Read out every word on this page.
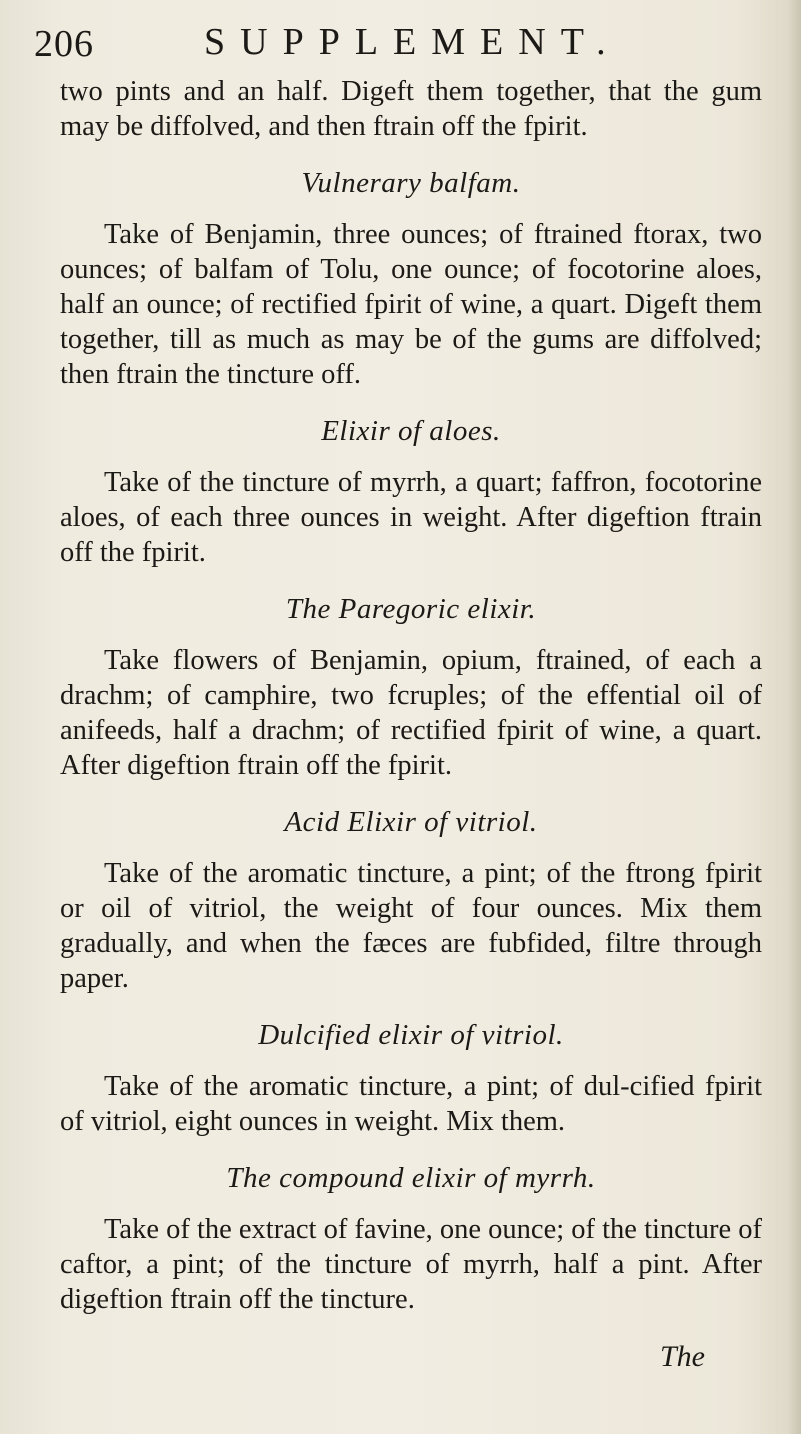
206	SUPPLEMENT.

two pints and an half. Digeft them together, that the gum may be diffolved, and then ftrain off the fpirit.

Vulnerary balfam.

Take of Benjamin, three ounces; of ftrained ftorax, two ounces; of balfam of Tolu, one ounce; of focotorine aloes, half an ounce; of rectified fpirit of wine, a quart. Digeft them together, till as much as may be of the gums are diffolved; then ftrain the tincture off.

Elixir of aloes.

Take of the tincture of myrrh, a quart; faffron, focotorine aloes, of each three ounces in weight. After digeftion ftrain off the fpirit.

The Paregoric elixir.

Take flowers of Benjamin, opium, ftrained, of each a drachm; of camphire, two fcruples; of the effential oil of anifeeds, half a drachm; of rectified fpirit of wine, a quart. After digeftion ftrain off the fpirit.

Acid Elixir of vitriol.

Take of the aromatic tincture, a pint; of the ftrong fpirit or oil of vitriol, the weight of four ounces. Mix them gradually, and when the fæces are fubfided, filtre through paper.

Dulcified elixir of vitriol.

Take of the aromatic tincture, a pint; of dul-cified fpirit of vitriol, eight ounces in weight. Mix them.

The compound elixir of myrrh.

Take of the extract of favine, one ounce; of the tincture of caftor, a pint; of the tincture of myrrh, half a pint. After digeftion ftrain off the tincture.

The
